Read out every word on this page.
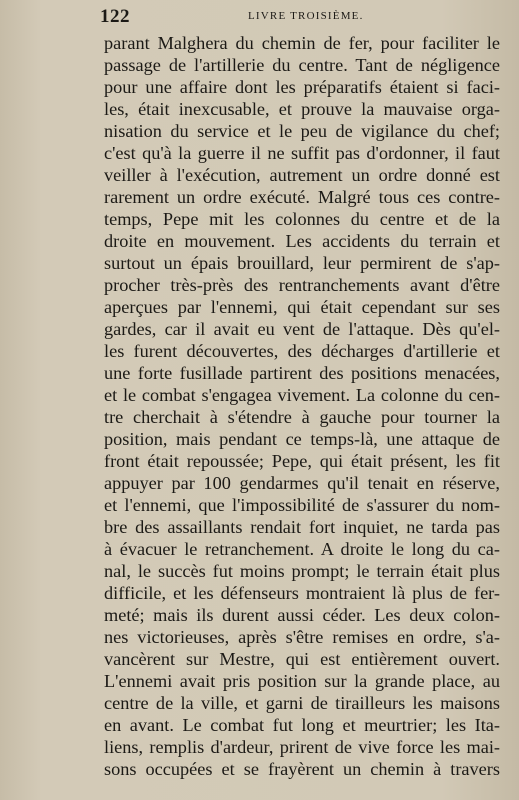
122	LIVRE TROISIÈME.
parant Malghera du chemin de fer, pour faciliter le
passage de l'artillerie du centre. Tant de négligence
pour une affaire dont les préparatifs étaient si faci-
les, était inexcusable, et prouve la mauvaise orga-
nisation du service et le peu de vigilance du chef;
c'est qu'à la guerre il ne suffit pas d'ordonner, il faut
veiller à l'exécution, autrement un ordre donné est
rarement un ordre exécuté. Malgré tous ces contre-
temps, Pepe mit les colonnes du centre et de la
droite en mouvement. Les accidents du terrain et
surtout un épais brouillard, leur permirent de s'ap-
procher très-près des rentranchements avant d'être
aperçues par l'ennemi, qui était cependant sur ses
gardes, car il avait eu vent de l'attaque. Dès qu'el-
les furent découvertes, des décharges d'artillerie et
une forte fusillade partirent des positions menacées,
et le combat s'engagea vivement. La colonne du cen-
tre cherchait à s'étendre à gauche pour tourner la
position, mais pendant ce temps-là, une attaque de
front était repoussée; Pepe, qui était présent, les fit
appuyer par 100 gendarmes qu'il tenait en réserve,
et l'ennemi, que l'impossibilité de s'assurer du nom-
bre des assaillants rendait fort inquiet, ne tarda pas
à évacuer le retranchement. A droite le long du ca-
nal, le succès fut moins prompt; le terrain était plus
difficile, et les défenseurs montraient là plus de fer-
meté; mais ils durent aussi céder. Les deux colon-
nes victorieuses, après s'être remises en ordre, s'a-
vancèrent sur Mestre, qui est entièrement ouvert.
L'ennemi avait pris position sur la grande place, au
centre de la ville, et garni de tirailleurs les maisons
en avant. Le combat fut long et meurtrier; les Ita-
liens, remplis d'ardeur, prirent de vive force les mai-
sons occupées et se frayèrent un chemin à travers
